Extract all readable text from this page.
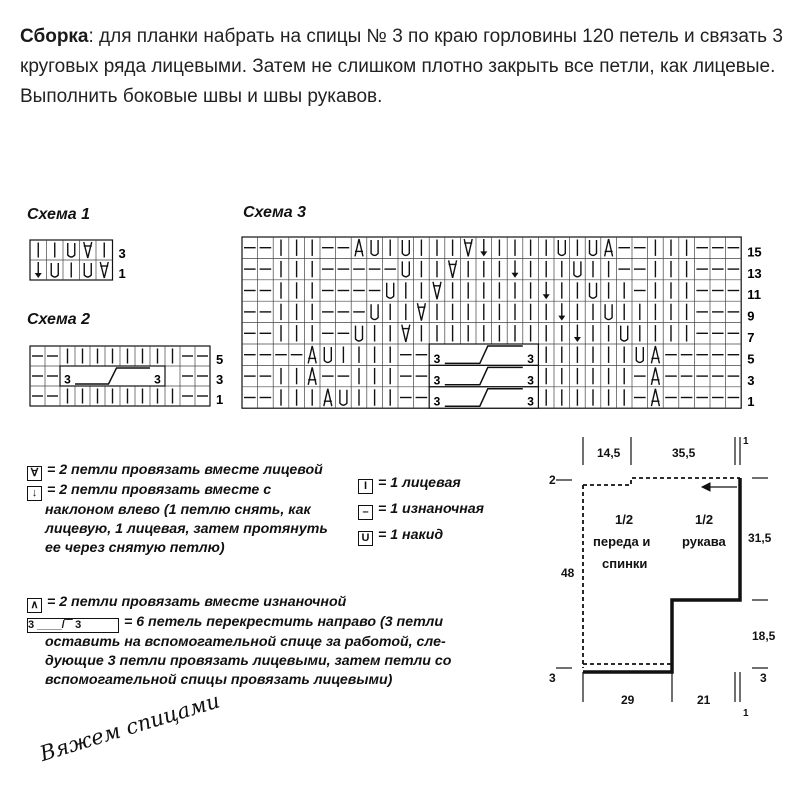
Сборка: для планки набрать на спицы № 3 по краю горловины 120 петель и связать 3 круговых ряда лицевыми. Затем не слишком плотно закрыть все петли, как лицевые. Выполнить боковые швы и швы рукавов.
Схема 1
Схема 2
Схема 3
3
1
5
3	3	3
1
15
13
11
9
7
3	3	5
3	3	3
3	3	1
∀ = 2 петли провязать вместе лицевой
↓ = 2 петли провязать вместе с
наклоном влево (1 петлю снять, как
лицевую, 1 лицевая, затем протянуть
ее через снятую петлю)
∧ = 2 петли провязать вместе изнаночной
3 ____/‾‾ 3	= 6 петель перекрестить направо (3 петли
оставить на вспомогательной спице за работой, сле-
дующие 3 петли провязать лицевыми, затем петли со
вспомогательной спицы провязать лицевыми)
I = 1 лицевая
– = 1 изнаночная
U = 1 накид
14,5	35,5
1
1/2
переда и
спинки
1/2
рукава
48
31,5
18,5
2
3	3
29	21
1
Вяжем спицами
